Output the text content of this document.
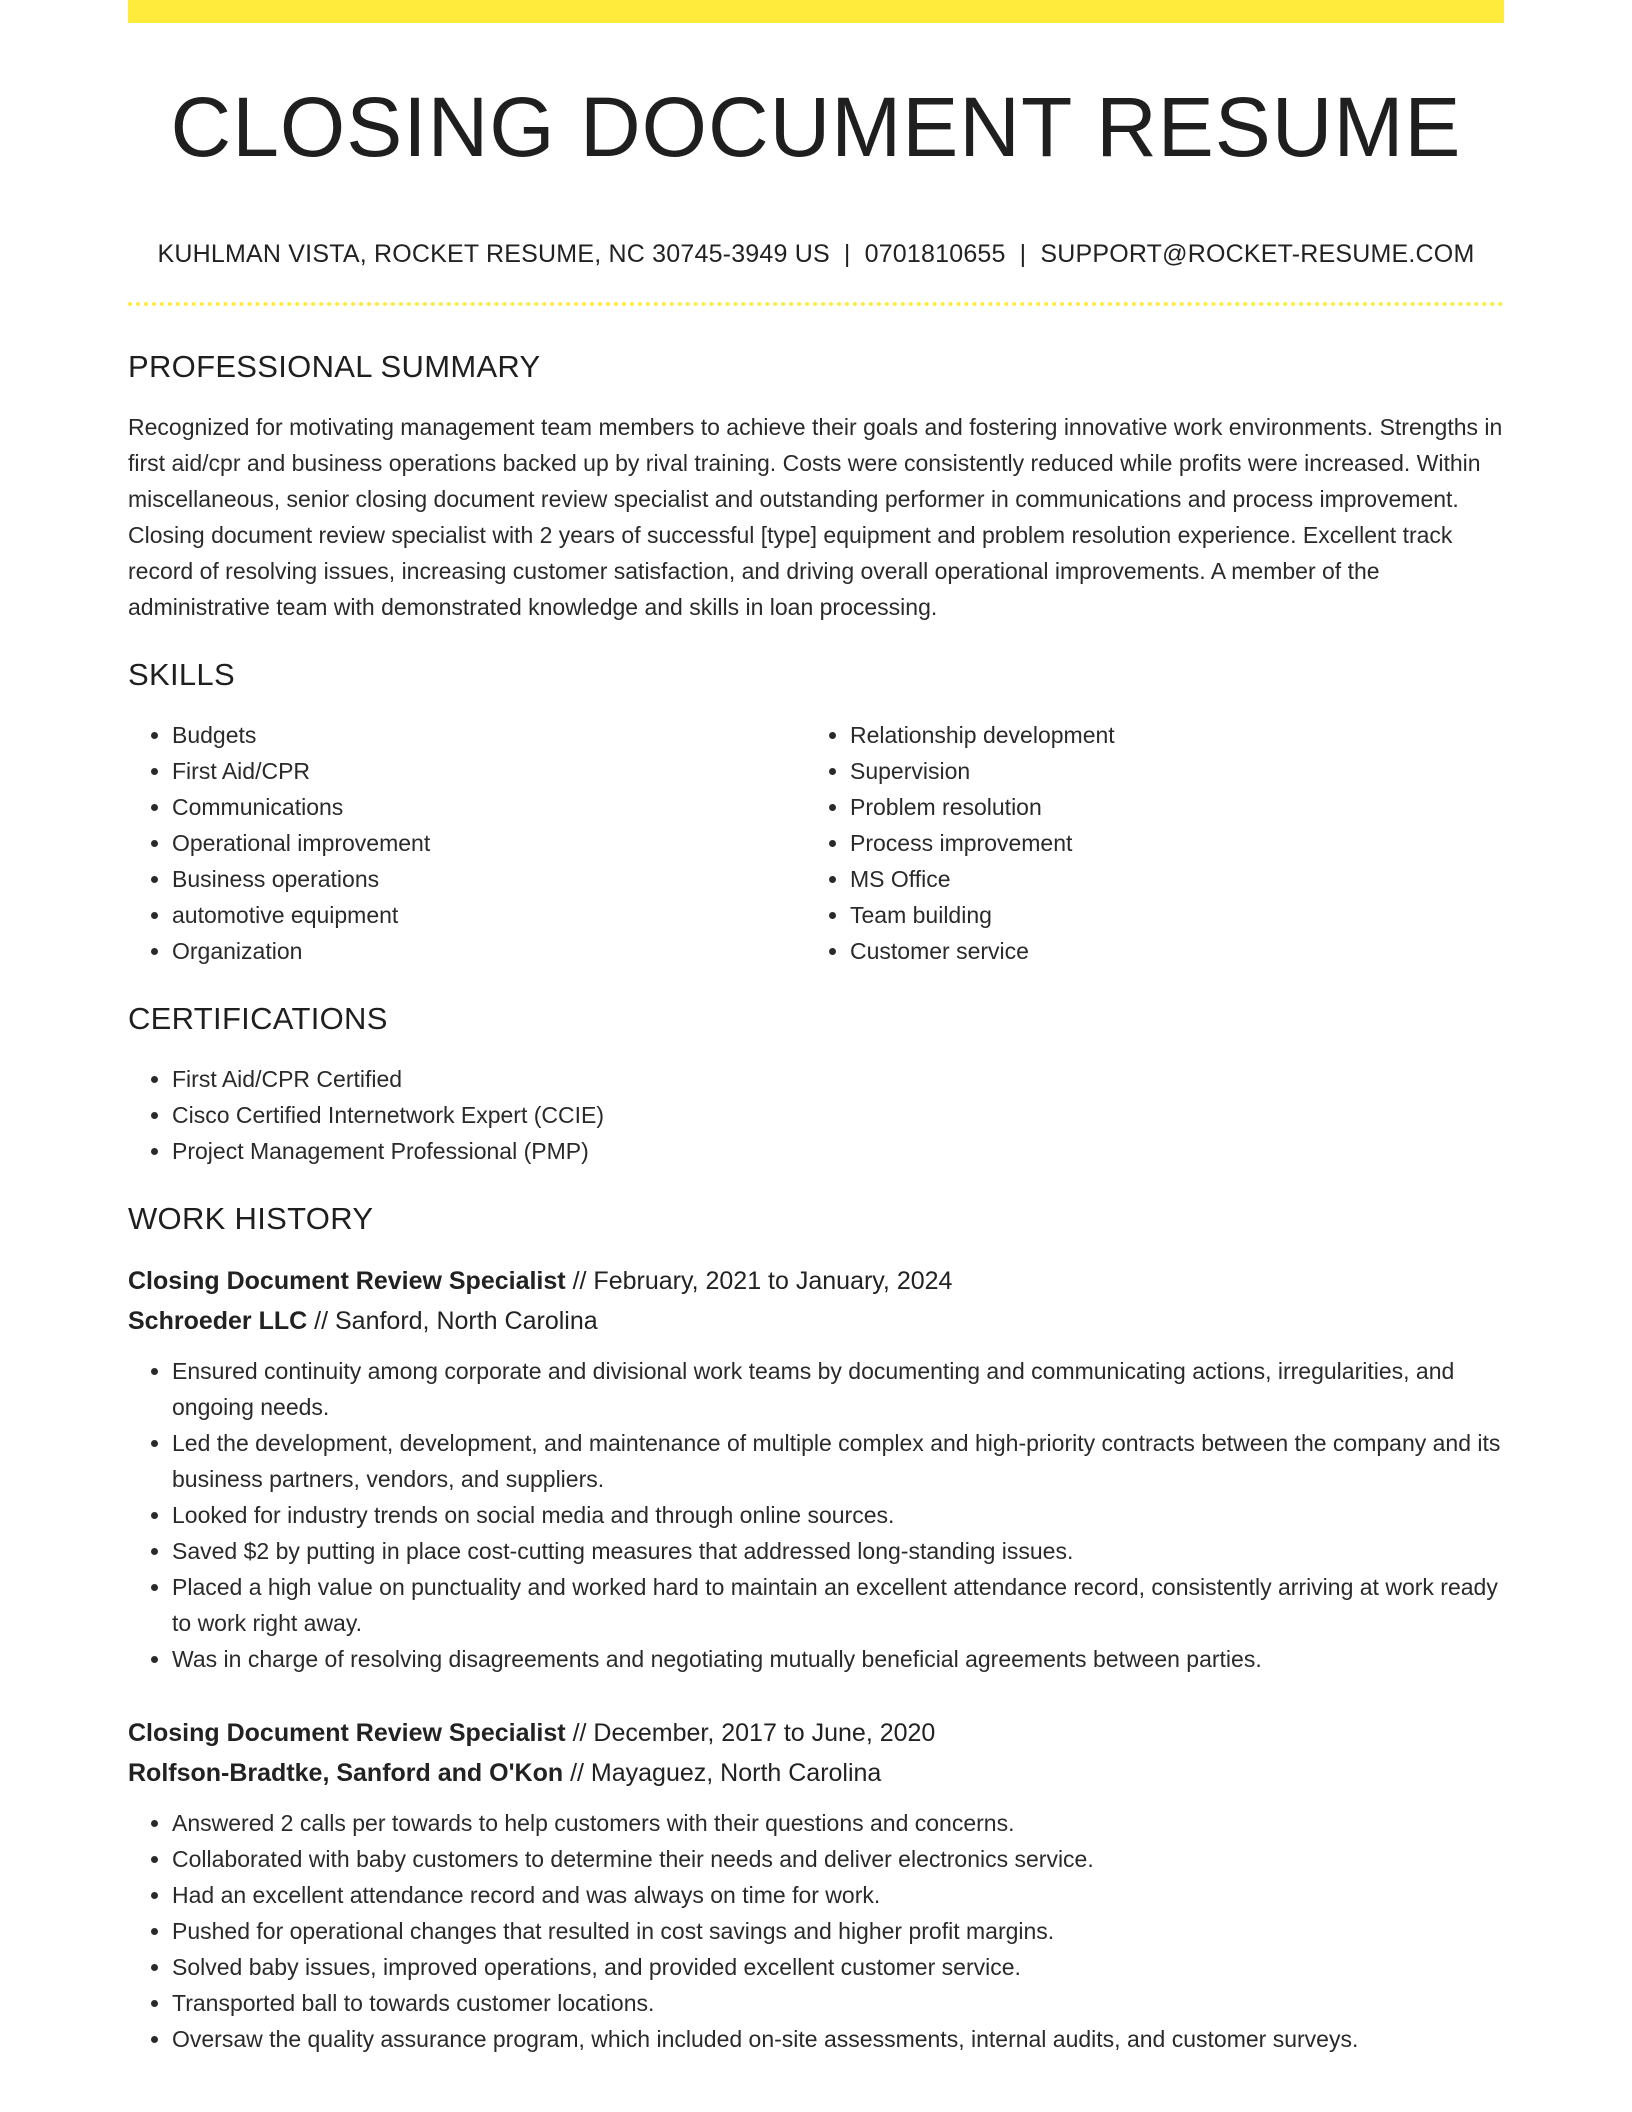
CLOSING DOCUMENT RESUME
KUHLMAN VISTA, ROCKET RESUME, NC 30745-3949 US | 0701810655 | SUPPORT@ROCKET-RESUME.COM
PROFESSIONAL SUMMARY

Recognized for motivating management team members to achieve their goals and fostering innovative work environments. Strengths in first aid/cpr and business operations backed up by rival training. Costs were consistently reduced while profits were increased. Within miscellaneous, senior closing document review specialist and outstanding performer in communications and process improvement. Closing document review specialist with 2 years of successful [type] equipment and problem resolution experience. Excellent track record of resolving issues, increasing customer satisfaction, and driving overall operational improvements. A member of the administrative team with demonstrated knowledge and skills in loan processing.

SKILLS
• Budgets
• First Aid/CPR
• Communications
• Operational improvement
• Business operations
• automotive equipment
• Organization
• Relationship development
• Supervision
• Problem resolution
• Process improvement
• MS Office
• Team building
• Customer service
CERTIFICATIONS
• First Aid/CPR Certified
• Cisco Certified Internetwork Expert (CCIE)
• Project Management Professional (PMP)
WORK HISTORY
Closing Document Review Specialist // February, 2021 to January, 2024
Schroeder LLC // Sanford, North Carolina
• Ensured continuity among corporate and divisional work teams by documenting and communicating actions, irregularities, and ongoing needs.
• Led the development, development, and maintenance of multiple complex and high-priority contracts between the company and its business partners, vendors, and suppliers.
• Looked for industry trends on social media and through online sources.
• Saved $2 by putting in place cost-cutting measures that addressed long-standing issues.
• Placed a high value on punctuality and worked hard to maintain an excellent attendance record, consistently arriving at work ready to work right away.
• Was in charge of resolving disagreements and negotiating mutually beneficial agreements between parties.
Closing Document Review Specialist // December, 2017 to June, 2020
Rolfson-Bradtke, Sanford and O'Kon // Mayaguez, North Carolina
• Answered 2 calls per towards to help customers with their questions and concerns.
• Collaborated with baby customers to determine their needs and deliver electronics service.
• Had an excellent attendance record and was always on time for work.
• Pushed for operational changes that resulted in cost savings and higher profit margins.
• Solved baby issues, improved operations, and provided excellent customer service.
• Transported ball to towards customer locations.
• Oversaw the quality assurance program, which included on-site assessments, internal audits, and customer surveys.
